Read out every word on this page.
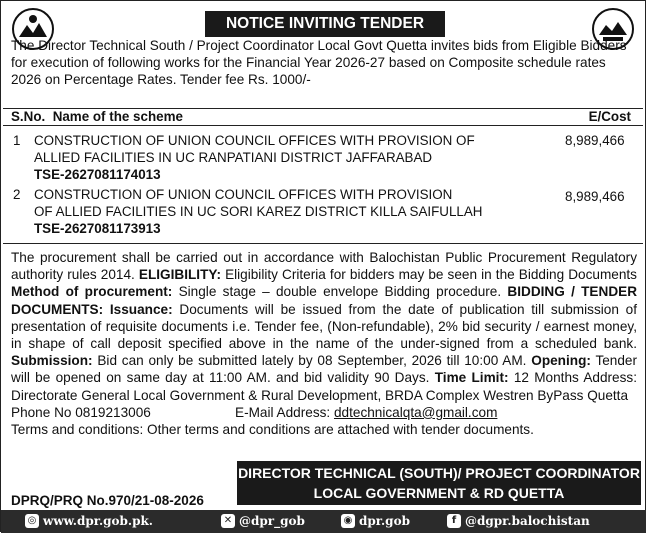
NOTICE INVITING TENDER
The Director Technical South / Project Coordinator Local Govt Quetta invites bids from Eligible Bidders for execution of following works for the Financial Year 2026-27 based on Composite schedule rates 2026 on Percentage Rates. Tender fee Rs. 1000/-
S.No. Name of the scheme	E/Cost
1 CONSTRUCTION OF UNION COUNCIL OFFICES WITH PROVISION OF
ALLIED FACILITIES IN UC RANPATIANI DISTRICT JAFFARABAD
TSE-2627081174013
8,989,466
2 CONSTRUCTION OF UNION COUNCIL OFFICES WITH PROVISION
OF ALLIED FACILITIES IN UC SORI KAREZ DISTRICT KILLA SAIFULLAH
TSE-2627081173913
8,989,466
The procurement shall be carried out in accordance with Balochistan Public Procurement Regulatory authority rules 2014. ELIGIBILITY: Eligibility Criteria for bidders may be seen in the Bidding Documents Method of procurement: Single stage – double envelope Bidding procedure. BIDDING / TENDER DOCUMENTS: Issuance: Documents will be issued from the date of publication till submission of presentation of requisite documents i.e. Tender fee, (Non-refundable), 2% bid security / earnest money, in shape of call deposit specified above in the name of the under-signed from a scheduled bank. Submission: Bid can only be submitted lately by 08 September, 2026 till 10:00 AM. Opening: Tender will be opened on same day at 11:00 AM. and bid validity 90 Days. Time Limit: 12 Months Address: Directorate General Local Government & Rural Development, BRDA Complex Westren ByPass Quetta
Phone No 0819213006	E-Mail Address:
ddtechnicalqta@gmail.com
Terms and conditions: Other terms and conditions are attached with tender documents.
DIRECTOR TECHNICAL (SOUTH)/ PROJECT COORDINATOR
LOCAL GOVERNMENT & RD QUETTA
DPRQ/PRQ No.970/21-08-2026
◎ www.dpr.gob.pk.	✕ @dpr_gob	◉ dpr.gob	f @dgpr.balochistan
